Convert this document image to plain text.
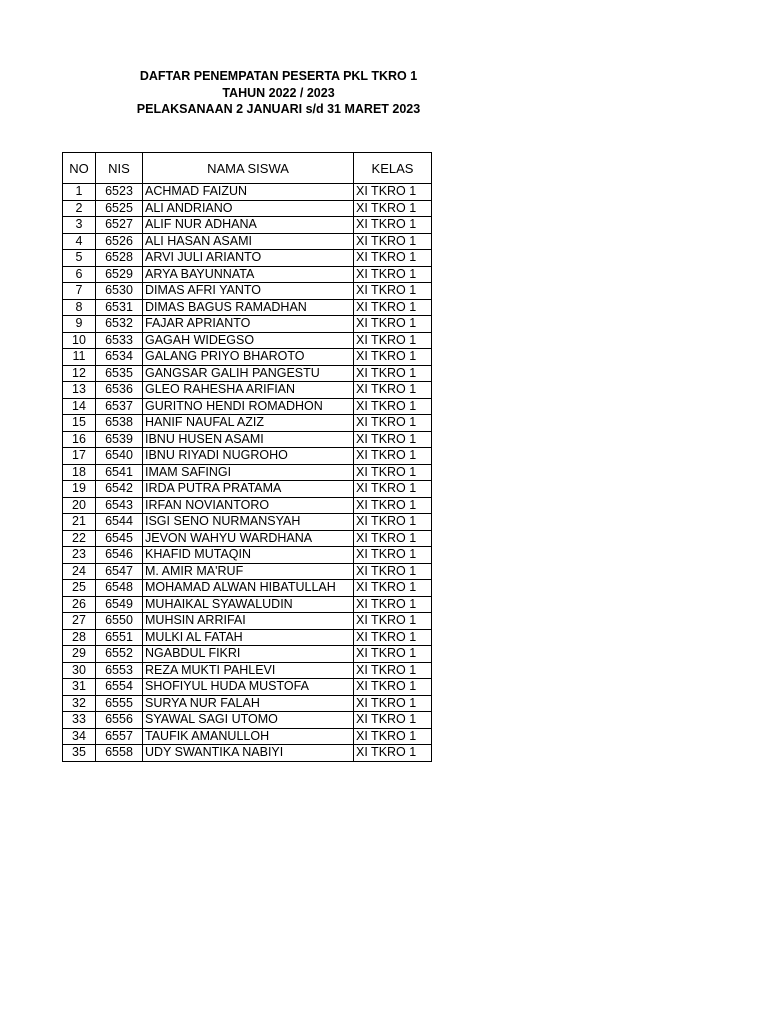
DAFTAR PENEMPATAN PESERTA PKL TKRO 1
TAHUN 2022 / 2023
PELAKSANAAN 2 JANUARI s/d 31 MARET 2023
NO	NIS	NAMA SISWA	KELAS
1	6523	ACHMAD FAIZUN	XI TKRO 1
2	6525	ALI ANDRIANO	XI TKRO 1
3	6527	ALIF NUR ADHANA	XI TKRO 1
4	6526	ALI HASAN ASAMI	XI TKRO 1
5	6528	ARVI JULI ARIANTO	XI TKRO 1
6	6529	ARYA BAYUNNATA	XI TKRO 1
7	6530	DIMAS AFRI YANTO	XI TKRO 1
8	6531	DIMAS BAGUS RAMADHAN	XI TKRO 1
9	6532	FAJAR APRIANTO	XI TKRO 1
10	6533	GAGAH WIDEGSO	XI TKRO 1
11	6534	GALANG PRIYO BHAROTO	XI TKRO 1
12	6535	GANGSAR GALIH PANGESTU	XI TKRO 1
13	6536	GLEO RAHESHA ARIFIAN	XI TKRO 1
14	6537	GURITNO HENDI ROMADHON	XI TKRO 1
15	6538	HANIF NAUFAL AZIZ	XI TKRO 1
16	6539	IBNU HUSEN ASAMI	XI TKRO 1
17	6540	IBNU RIYADI NUGROHO	XI TKRO 1
18	6541	IMAM SAFINGI	XI TKRO 1
19	6542	IRDA PUTRA PRATAMA	XI TKRO 1
20	6543	IRFAN NOVIANTORO	XI TKRO 1
21	6544	ISGI SENO NURMANSYAH	XI TKRO 1
22	6545	JEVON WAHYU WARDHANA	XI TKRO 1
23	6546	KHAFID MUTAQIN	XI TKRO 1
24	6547	M. AMIR MA'RUF	XI TKRO 1
25	6548	MOHAMAD ALWAN HIBATULLAH	XI TKRO 1
26	6549	MUHAIKAL SYAWALUDIN	XI TKRO 1
27	6550	MUHSIN ARRIFAI	XI TKRO 1
28	6551	MULKI AL FATAH	XI TKRO 1
29	6552	NGABDUL FIKRI	XI TKRO 1
30	6553	REZA MUKTI PAHLEVI	XI TKRO 1
31	6554	SHOFIYUL HUDA MUSTOFA	XI TKRO 1
32	6555	SURYA NUR FALAH	XI TKRO 1
33	6556	SYAWAL SAGI UTOMO	XI TKRO 1
34	6557	TAUFIK AMANULLOH	XI TKRO 1
35	6558	UDY SWANTIKA NABIYI	XI TKRO 1
